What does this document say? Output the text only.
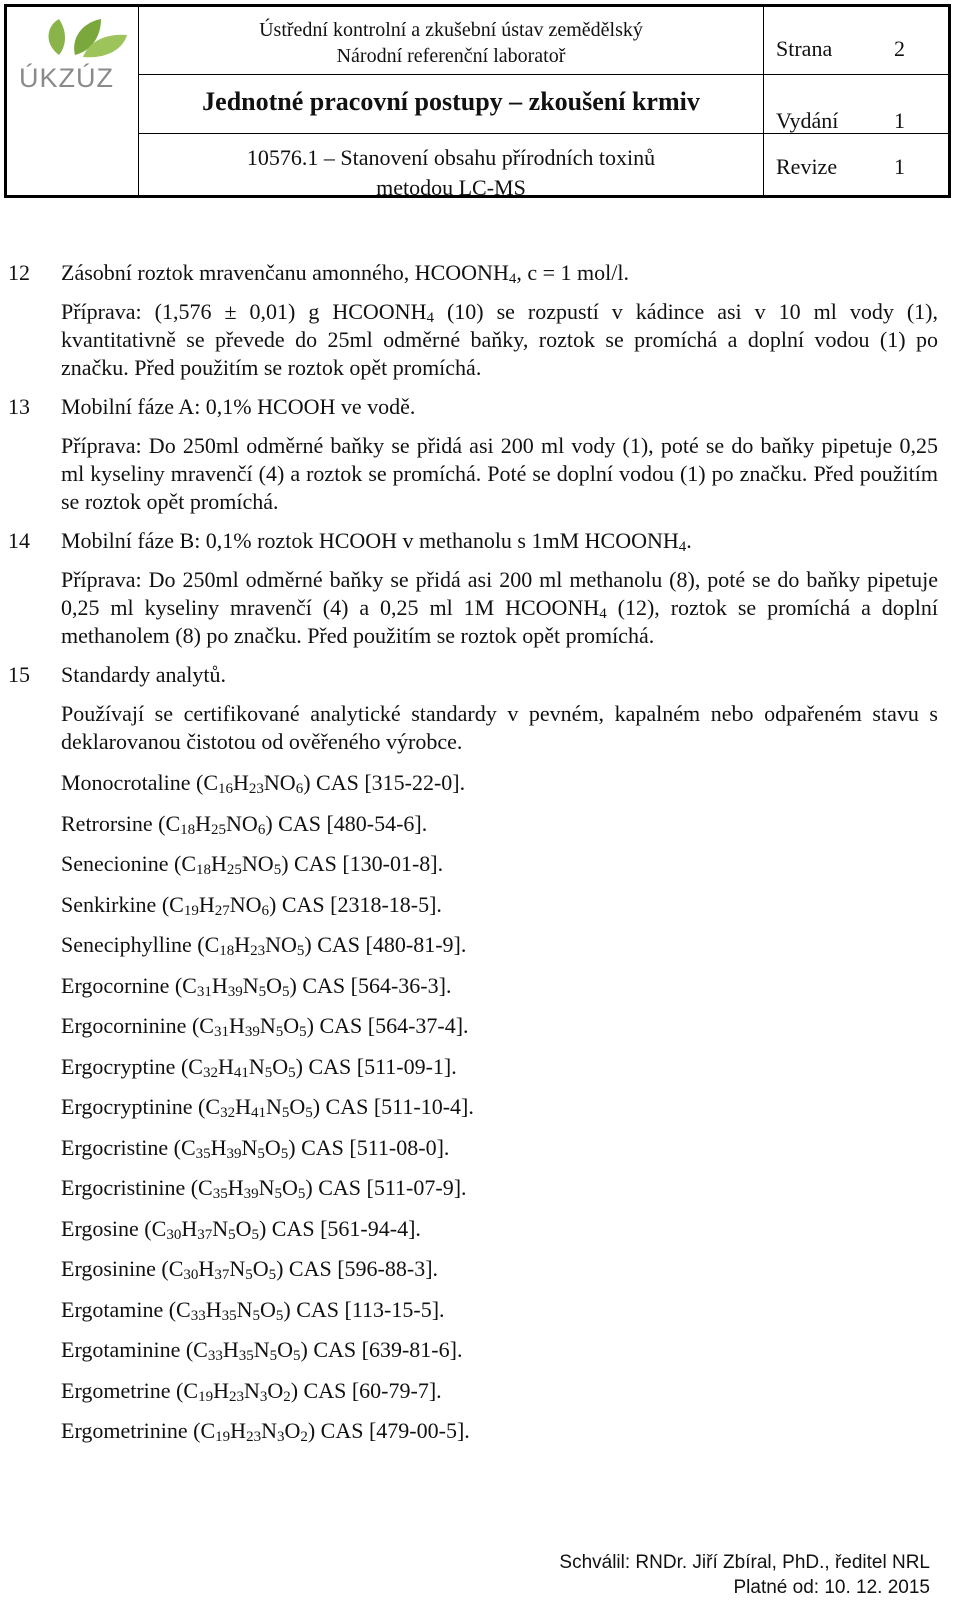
ÚKZÚZ
Ústřední kontrolní a zkušební ústav zemědělský
Národní referenční laboratoř
Jednotné pracovní postupy – zkoušení krmiv
10576.1 – Stanovení obsahu přírodních toxinů
metodou LC-MS
Strana	2
Vydání	1
Revize	1
12 Zásobní roztok mravenčanu amonného, $HCOONH_4$, c = 1 mol/l.
Příprava: (1,576 ± 0,01) g $HCOONH_4$ (10) se rozpustí v kádince asi v 10 ml vody (1), kvantitativně se převede do 25ml odměrné baňky, roztok se promíchá a doplní vodou (1) po značku. Před použitím se roztok opět promíchá.
13 Mobilní fáze A: 0,1% HCOOH ve vodě.
Příprava: Do 250ml odměrné baňky se přidá asi 200 ml vody (1), poté se do baňky pipetuje 0,25 ml kyseliny mravenčí (4) a roztok se promíchá. Poté se doplní vodou (1) po značku. Před použitím se roztok opět promíchá.
14 Mobilní fáze B: 0,1% roztok HCOOH v methanolu s 1mM $HCOONH_4$.
Příprava: Do 250ml odměrné baňky se přidá asi 200 ml methanolu (8), poté se do baňky pipetuje 0,25 ml kyseliny mravenčí (4) a 0,25 ml 1M $HCOONH_4$ (12), roztok se promíchá a doplní methanolem (8) po značku. Před použitím se roztok opět promíchá.
15 Standardy analytů.
Používají se certifikované analytické standardy v pevném, kapalném nebo odpařeném stavu s deklarovanou čistotou od ověřeného výrobce.
Monocrotaline $(C_{16}H_{23}NO_6)$ CAS [315-22-0].
Retrorsine $(C_{18}H_{25}NO_6)$ CAS [480-54-6].
Senecionine $(C_{18}H_{25}NO_5)$ CAS [130-01-8].
Senkirkine $(C_{19}H_{27}NO_6)$ CAS [2318-18-5].
Seneciphylline $(C_{18}H_{23}NO_5)$ CAS [480-81-9].
Ergocornine $(C_{31}H_{39}N_5O_5)$ CAS [564-36-3].
Ergocorninine $(C_{31}H_{39}N_5O_5)$ CAS [564-37-4].
Ergocryptine $(C_{32}H_{41}N_5O_5)$ CAS [511-09-1].
Ergocryptinine $(C_{32}H_{41}N_5O_5)$ CAS [511-10-4].
Ergocristine $(C_{35}H_{39}N_5O_5)$ CAS [511-08-0].
Ergocristinine $(C_{35}H_{39}N_5O_5)$ CAS [511-07-9].
Ergosine $(C_{30}H_{37}N_5O_5)$ CAS [561-94-4].
Ergosinine $(C_{30}H_{37}N_5O_5)$ CAS [596-88-3].
Ergotamine $(C_{33}H_{35}N_5O_5)$ CAS [113-15-5].
Ergotaminine $(C_{33}H_{35}N_5O_5)$ CAS [639-81-6].
Ergometrine $(C_{19}H_{23}N_3O_2)$ CAS [60-79-7].
Ergometrinine $(C_{19}H_{23}N_3O_2)$ CAS [479-00-5].
Schválil: RNDr. Jiří Zbíral, PhD., ředitel NRL
Platné od: 10. 12. 2015
